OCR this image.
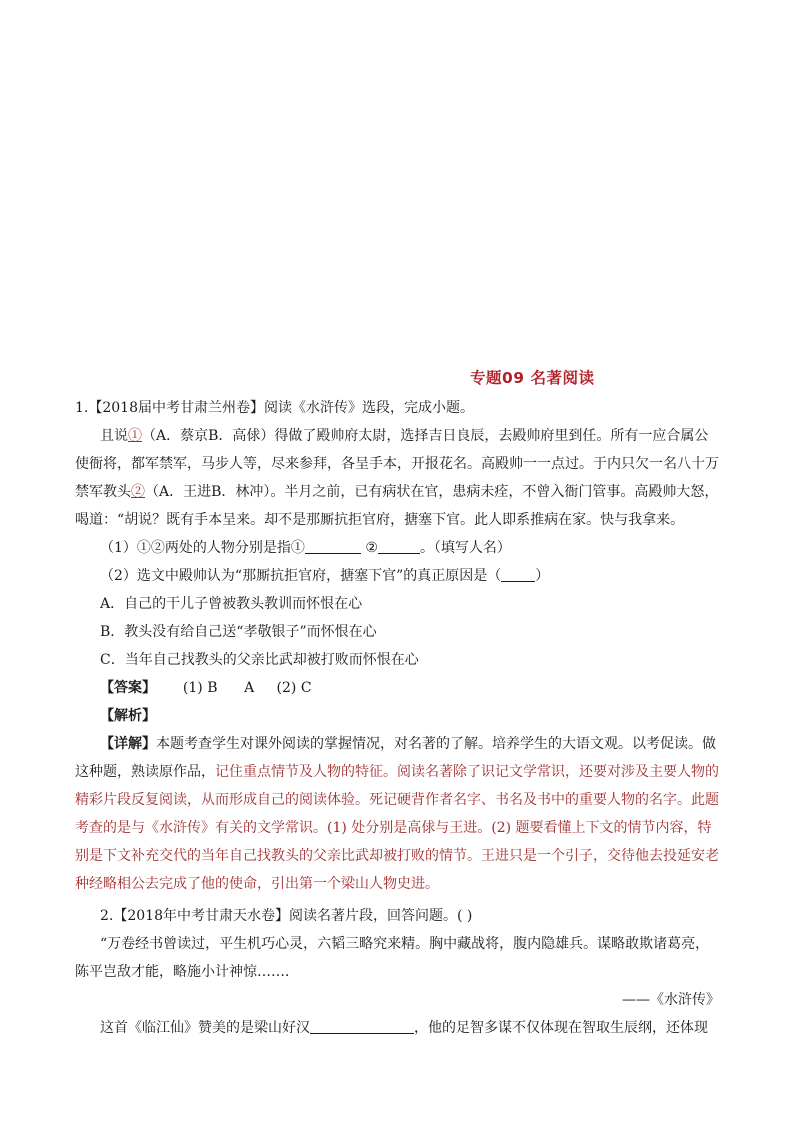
专题09 名著阅读
1.【2018届中考甘肃兰州卷】阅读《水浒传》选段，完成小题。
且说①（A．蔡京B．高俅）得做了殿帅府太尉，选择吉日良辰，去殿帅府里到任。所有一应合属公
使衙将，都军禁军，马步人等，尽来参拜，各呈手本，开报花名。高殿帅一一点过。于内只欠一名八十万
禁军教头②（A．王进B．林冲）。半月之前，已有病状在官，患病未痊，不曾入衙门管事。高殿帅大怒，
喝道：“胡说？既有手本呈来。却不是那厮抗拒官府，搪塞下官。此人即系推病在家。快与我拿来。
（1）①②两处的人物分别是指①	②	。（填写人名）
（2）选文中殿帅认为“那厮抗拒官府，搪塞下官”的真正原因是（ ）
A．自己的干儿子曾被教头教训而怀恨在心
B．教头没有给自己送“孝敬银子”而怀恨在心
C．当年自己找教头的父亲比武却被打败而怀恨在心
【答案】 (1) B      A     (2) C
【解析】
【详解】本题考查学生对课外阅读的掌握情况，对名著的了解。培养学生的大语文观。以考促读。做
这种题，熟读原作品，记住重点情节及人物的特征。阅读名著除了识记文学常识，还要对涉及主要人物的
精彩片段反复阅读，从而形成自己的阅读体验。死记硬背作者名字、书名及书中的重要人物的名字。此题
考查的是与《水浒传》有关的文学常识。(1) 处分别是高俅与王进。(2) 题要看懂上下文的情节内容，特
别是下文补充交代的当年自己找教头的父亲比武却被打败的情节。王进只是一个引子，交待他去投延安老
种经略相公去完成了他的使命，引出第一个梁山人物史进。
2.【2018年中考甘肃天水卷】阅读名著片段，回答问题。( )
“万卷经书曾读过，平生机巧心灵，六韬三略究来精。胸中藏战将，腹内隐雄兵。谋略敢欺诸葛亮，
陈平岂敌才能，略施小计神惊……．
——《水浒传》
这首《临江仙》赞美的是梁山好汉	，他的足智多谋不仅体现在智取生辰纲，还体现
